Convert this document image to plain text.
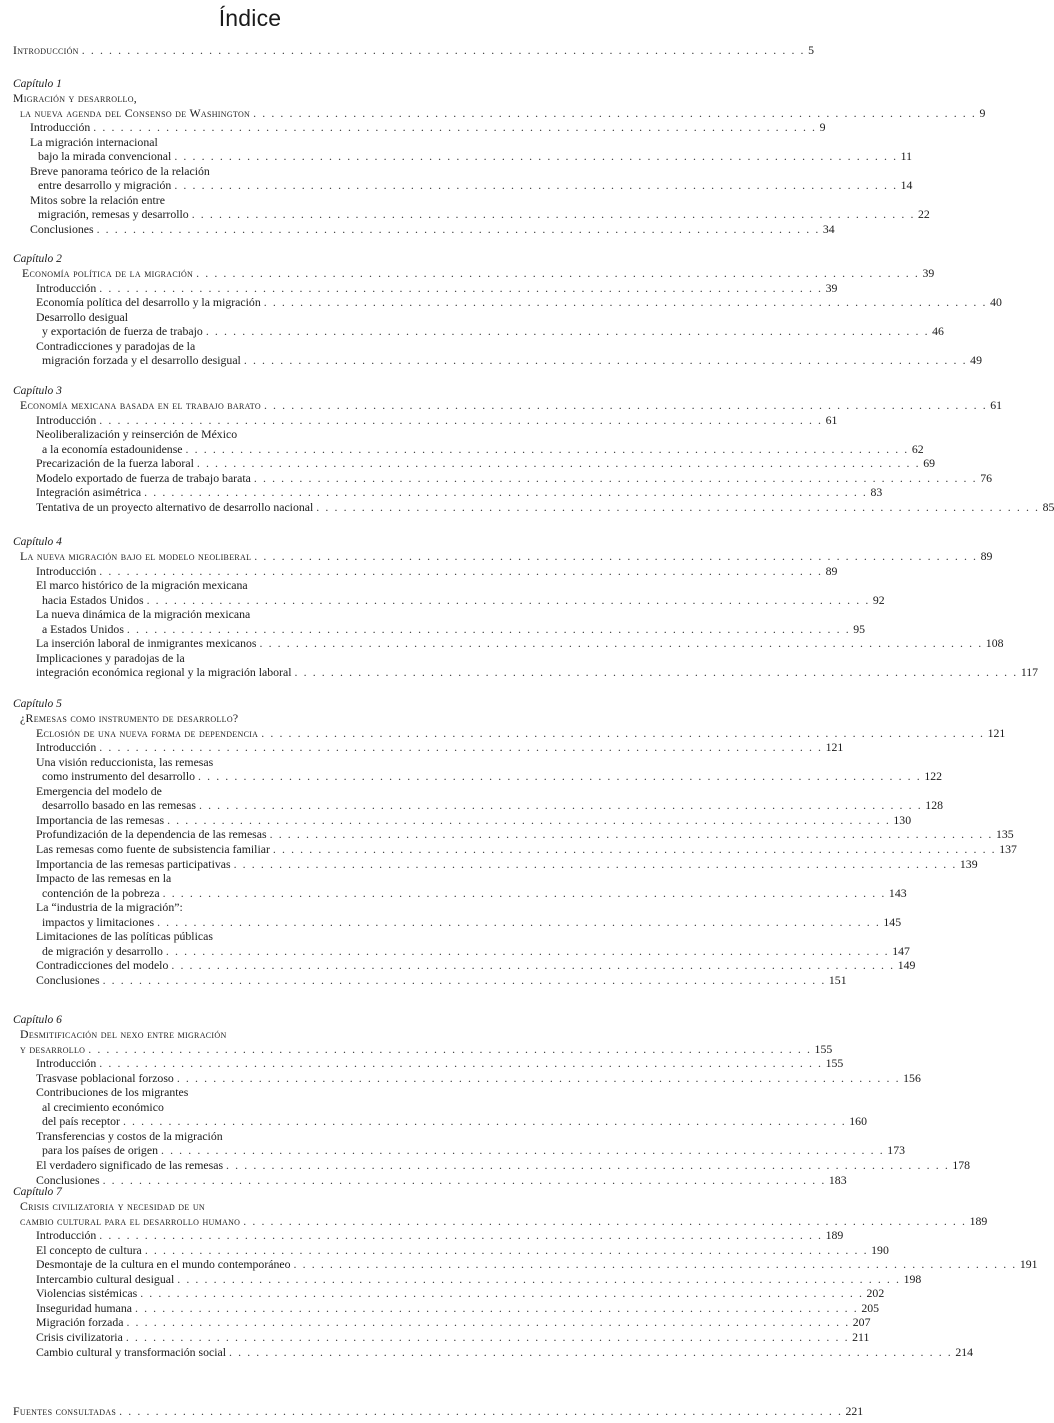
Índice
Introducción . . . . . . . . . . . . . . . . . . . . . . . . . . . . . . . . . . . . . . . . . . . . . . . . . . . . . . . . . . . . . . . . . . . . . . . . . . . . . . . . 5
Capítulo 1
Migración y desarrollo,
la nueva agenda del Consenso de Washington . . . . . . . . . . . . . . . . . . . . . . . . . . . . . . . . . . . . . . . . . . . . . . . . . . . . . . . . . . . . . . . . . . . . . . . . . . . . . . . . 9
Introducción . . . . . . . . . . . . . . . . . . . . . . . . . . . . . . . . . . . . . . . . . . . . . . . . . . . . . . . . . . . . . . . . . . . . . . . . . . . . . . . . 9
La migración internacional
bajo la mirada convencional . . . . . . . . . . . . . . . . . . . . . . . . . . . . . . . . . . . . . . . . . . . . . . . . . . . . . . . . . . . . . . . . . . . . . . . . . . . . . . . . 11
Breve panorama teórico de la relación
entre desarrollo y migración . . . . . . . . . . . . . . . . . . . . . . . . . . . . . . . . . . . . . . . . . . . . . . . . . . . . . . . . . . . . . . . . . . . . . . . . . . . . . . . . 14
Mitos sobre la relación entre
migración, remesas y desarrollo . . . . . . . . . . . . . . . . . . . . . . . . . . . . . . . . . . . . . . . . . . . . . . . . . . . . . . . . . . . . . . . . . . . . . . . . . . . . . . . . 22
Conclusiones . . . . . . . . . . . . . . . . . . . . . . . . . . . . . . . . . . . . . . . . . . . . . . . . . . . . . . . . . . . . . . . . . . . . . . . . . . . . . . . . 34
Capítulo 2
Economía política de la migración . . . . . . . . . . . . . . . . . . . . . . . . . . . . . . . . . . . . . . . . . . . . . . . . . . . . . . . . . . . . . . . . . . . . . . . . . . . . . . . . 39
Introducción . . . . . . . . . . . . . . . . . . . . . . . . . . . . . . . . . . . . . . . . . . . . . . . . . . . . . . . . . . . . . . . . . . . . . . . . . . . . . . . . 39
Economía política del desarrollo y la migración . . . . . . . . . . . . . . . . . . . . . . . . . . . . . . . . . . . . . . . . . . . . . . . . . . . . . . . . . . . . . . . . . . . . . . . . . . . . . . . . 40
Desarrollo desigual
y exportación de fuerza de trabajo . . . . . . . . . . . . . . . . . . . . . . . . . . . . . . . . . . . . . . . . . . . . . . . . . . . . . . . . . . . . . . . . . . . . . . . . . . . . . . . . 46
Contradicciones y paradojas de la
migración forzada y el desarrollo desigual . . . . . . . . . . . . . . . . . . . . . . . . . . . . . . . . . . . . . . . . . . . . . . . . . . . . . . . . . . . . . . . . . . . . . . . . . . . . . . . . 49
Capítulo 3
Economía mexicana basada en el trabajo barato . . . . . . . . . . . . . . . . . . . . . . . . . . . . . . . . . . . . . . . . . . . . . . . . . . . . . . . . . . . . . . . . . . . . . . . . . . . . . . . . 61
Introducción . . . . . . . . . . . . . . . . . . . . . . . . . . . . . . . . . . . . . . . . . . . . . . . . . . . . . . . . . . . . . . . . . . . . . . . . . . . . . . . . 61
Neoliberalización y reinserción de México
a la economía estadounidense . . . . . . . . . . . . . . . . . . . . . . . . . . . . . . . . . . . . . . . . . . . . . . . . . . . . . . . . . . . . . . . . . . . . . . . . . . . . . . . . 62
Precarización de la fuerza laboral . . . . . . . . . . . . . . . . . . . . . . . . . . . . . . . . . . . . . . . . . . . . . . . . . . . . . . . . . . . . . . . . . . . . . . . . . . . . . . . . 69
Modelo exportado de fuerza de trabajo barata . . . . . . . . . . . . . . . . . . . . . . . . . . . . . . . . . . . . . . . . . . . . . . . . . . . . . . . . . . . . . . . . . . . . . . . . . . . . . . . . 76
Integración asimétrica . . . . . . . . . . . . . . . . . . . . . . . . . . . . . . . . . . . . . . . . . . . . . . . . . . . . . . . . . . . . . . . . . . . . . . . . . . . . . . . . 83
Tentativa de un proyecto alternativo de desarrollo nacional . . . . . . . . . . . . . . . . . . . . . . . . . . . . . . . . . . . . . . . . . . . . . . . . . . . . . . . . . . . . . . . . . . . . . . . . . . . . . . . . 85
Capítulo 4
La nueva migración bajo el modelo neoliberal . . . . . . . . . . . . . . . . . . . . . . . . . . . . . . . . . . . . . . . . . . . . . . . . . . . . . . . . . . . . . . . . . . . . . . . . . . . . . . . . 89
Introducción . . . . . . . . . . . . . . . . . . . . . . . . . . . . . . . . . . . . . . . . . . . . . . . . . . . . . . . . . . . . . . . . . . . . . . . . . . . . . . . . 89
El marco histórico de la migración mexicana
hacia Estados Unidos . . . . . . . . . . . . . . . . . . . . . . . . . . . . . . . . . . . . . . . . . . . . . . . . . . . . . . . . . . . . . . . . . . . . . . . . . . . . . . . . 92
La nueva dinámica de la migración mexicana
a Estados Unidos . . . . . . . . . . . . . . . . . . . . . . . . . . . . . . . . . . . . . . . . . . . . . . . . . . . . . . . . . . . . . . . . . . . . . . . . . . . . . . . . 95
La inserción laboral de inmigrantes mexicanos . . . . . . . . . . . . . . . . . . . . . . . . . . . . . . . . . . . . . . . . . . . . . . . . . . . . . . . . . . . . . . . . . . . . . . . . . . . . . . . . 108
Implicaciones y paradojas de la
integración económica regional y la migración laboral . . . . . . . . . . . . . . . . . . . . . . . . . . . . . . . . . . . . . . . . . . . . . . . . . . . . . . . . . . . . . . . . . . . . . . . . . . . . . . . . 117
Capítulo 5
¿Remesas como instrumento de desarrollo?
Eclosión de una nueva forma de dependencia . . . . . . . . . . . . . . . . . . . . . . . . . . . . . . . . . . . . . . . . . . . . . . . . . . . . . . . . . . . . . . . . . . . . . . . . . . . . . . . . 121
Introducción . . . . . . . . . . . . . . . . . . . . . . . . . . . . . . . . . . . . . . . . . . . . . . . . . . . . . . . . . . . . . . . . . . . . . . . . . . . . . . . . 121
Una visión reduccionista, las remesas
como instrumento del desarrollo . . . . . . . . . . . . . . . . . . . . . . . . . . . . . . . . . . . . . . . . . . . . . . . . . . . . . . . . . . . . . . . . . . . . . . . . . . . . . . . . 122
Emergencia del modelo de
desarrollo basado en las remesas . . . . . . . . . . . . . . . . . . . . . . . . . . . . . . . . . . . . . . . . . . . . . . . . . . . . . . . . . . . . . . . . . . . . . . . . . . . . . . . . 128
Importancia de las remesas . . . . . . . . . . . . . . . . . . . . . . . . . . . . . . . . . . . . . . . . . . . . . . . . . . . . . . . . . . . . . . . . . . . . . . . . . . . . . . . . 130
Profundización de la dependencia de las remesas . . . . . . . . . . . . . . . . . . . . . . . . . . . . . . . . . . . . . . . . . . . . . . . . . . . . . . . . . . . . . . . . . . . . . . . . . . . . . . . . 135
Las remesas como fuente de subsistencia familiar . . . . . . . . . . . . . . . . . . . . . . . . . . . . . . . . . . . . . . . . . . . . . . . . . . . . . . . . . . . . . . . . . . . . . . . . . . . . . . . . 137
Importancia de las remesas participativas . . . . . . . . . . . . . . . . . . . . . . . . . . . . . . . . . . . . . . . . . . . . . . . . . . . . . . . . . . . . . . . . . . . . . . . . . . . . . . . . 139
Impacto de las remesas en la
contención de la pobreza . . . . . . . . . . . . . . . . . . . . . . . . . . . . . . . . . . . . . . . . . . . . . . . . . . . . . . . . . . . . . . . . . . . . . . . . . . . . . . . . 143
La “industria de la migración”:
impactos y limitaciones . . . . . . . . . . . . . . . . . . . . . . . . . . . . . . . . . . . . . . . . . . . . . . . . . . . . . . . . . . . . . . . . . . . . . . . . . . . . . . . . 145
Limitaciones de las políticas públicas
de migración y desarrollo . . . . . . . . . . . . . . . . . . . . . . . . . . . . . . . . . . . . . . . . . . . . . . . . . . . . . . . . . . . . . . . . . . . . . . . . . . . . . . . . 147
Contradicciones del modelo . . . . . . . . . . . . . . . . . . . . . . . . . . . . . . . . . . . . . . . . . . . . . . . . . . . . . . . . . . . . . . . . . . . . . . . . . . . . . . . . 149
Conclusiones . . . . . . . . . . . . . . . . . . . . . . . . . . . . . . . . . . . . . . . . . . . . . . . . . . . . . . . . . . . . . . . . . . . . . . . . . . . . . . . . 151
Capítulo 6
Desmitificación del nexo entre migración
y desarrollo . . . . . . . . . . . . . . . . . . . . . . . . . . . . . . . . . . . . . . . . . . . . . . . . . . . . . . . . . . . . . . . . . . . . . . . . . . . . . . . . 155
Introducción . . . . . . . . . . . . . . . . . . . . . . . . . . . . . . . . . . . . . . . . . . . . . . . . . . . . . . . . . . . . . . . . . . . . . . . . . . . . . . . . 155
Trasvase poblacional forzoso . . . . . . . . . . . . . . . . . . . . . . . . . . . . . . . . . . . . . . . . . . . . . . . . . . . . . . . . . . . . . . . . . . . . . . . . . . . . . . . . 156
Contribuciones de los migrantes
al crecimiento económico
del país receptor . . . . . . . . . . . . . . . . . . . . . . . . . . . . . . . . . . . . . . . . . . . . . . . . . . . . . . . . . . . . . . . . . . . . . . . . . . . . . . . . 160
Transferencias y costos de la migración
para los países de origen . . . . . . . . . . . . . . . . . . . . . . . . . . . . . . . . . . . . . . . . . . . . . . . . . . . . . . . . . . . . . . . . . . . . . . . . . . . . . . . . 173
El verdadero significado de las remesas . . . . . . . . . . . . . . . . . . . . . . . . . . . . . . . . . . . . . . . . . . . . . . . . . . . . . . . . . . . . . . . . . . . . . . . . . . . . . . . . 178
Conclusiones . . . . . . . . . . . . . . . . . . . . . . . . . . . . . . . . . . . . . . . . . . . . . . . . . . . . . . . . . . . . . . . . . . . . . . . . . . . . . . . . 183
Capítulo 7
Crisis civilizatoria y necesidad de un
cambio cultural para el desarrollo humano . . . . . . . . . . . . . . . . . . . . . . . . . . . . . . . . . . . . . . . . . . . . . . . . . . . . . . . . . . . . . . . . . . . . . . . . . . . . . . . . 189
Introducción . . . . . . . . . . . . . . . . . . . . . . . . . . . . . . . . . . . . . . . . . . . . . . . . . . . . . . . . . . . . . . . . . . . . . . . . . . . . . . . . 189
El concepto de cultura . . . . . . . . . . . . . . . . . . . . . . . . . . . . . . . . . . . . . . . . . . . . . . . . . . . . . . . . . . . . . . . . . . . . . . . . . . . . . . . . 190
Desmontaje de la cultura en el mundo contemporáneo . . . . . . . . . . . . . . . . . . . . . . . . . . . . . . . . . . . . . . . . . . . . . . . . . . . . . . . . . . . . . . . . . . . . . . . . . . . . . . . . 191
Intercambio cultural desigual . . . . . . . . . . . . . . . . . . . . . . . . . . . . . . . . . . . . . . . . . . . . . . . . . . . . . . . . . . . . . . . . . . . . . . . . . . . . . . . . 198
Violencias sistémicas . . . . . . . . . . . . . . . . . . . . . . . . . . . . . . . . . . . . . . . . . . . . . . . . . . . . . . . . . . . . . . . . . . . . . . . . . . . . . . . . 202
Inseguridad humana . . . . . . . . . . . . . . . . . . . . . . . . . . . . . . . . . . . . . . . . . . . . . . . . . . . . . . . . . . . . . . . . . . . . . . . . . . . . . . . . 205
Migración forzada . . . . . . . . . . . . . . . . . . . . . . . . . . . . . . . . . . . . . . . . . . . . . . . . . . . . . . . . . . . . . . . . . . . . . . . . . . . . . . . . 207
Crisis civilizatoria . . . . . . . . . . . . . . . . . . . . . . . . . . . . . . . . . . . . . . . . . . . . . . . . . . . . . . . . . . . . . . . . . . . . . . . . . . . . . . . . 211
Cambio cultural y transformación social . . . . . . . . . . . . . . . . . . . . . . . . . . . . . . . . . . . . . . . . . . . . . . . . . . . . . . . . . . . . . . . . . . . . . . . . . . . . . . . . 214
Fuentes consultadas . . . . . . . . . . . . . . . . . . . . . . . . . . . . . . . . . . . . . . . . . . . . . . . . . . . . . . . . . . . . . . . . . . . . . . . . . . . . . . . . 221
